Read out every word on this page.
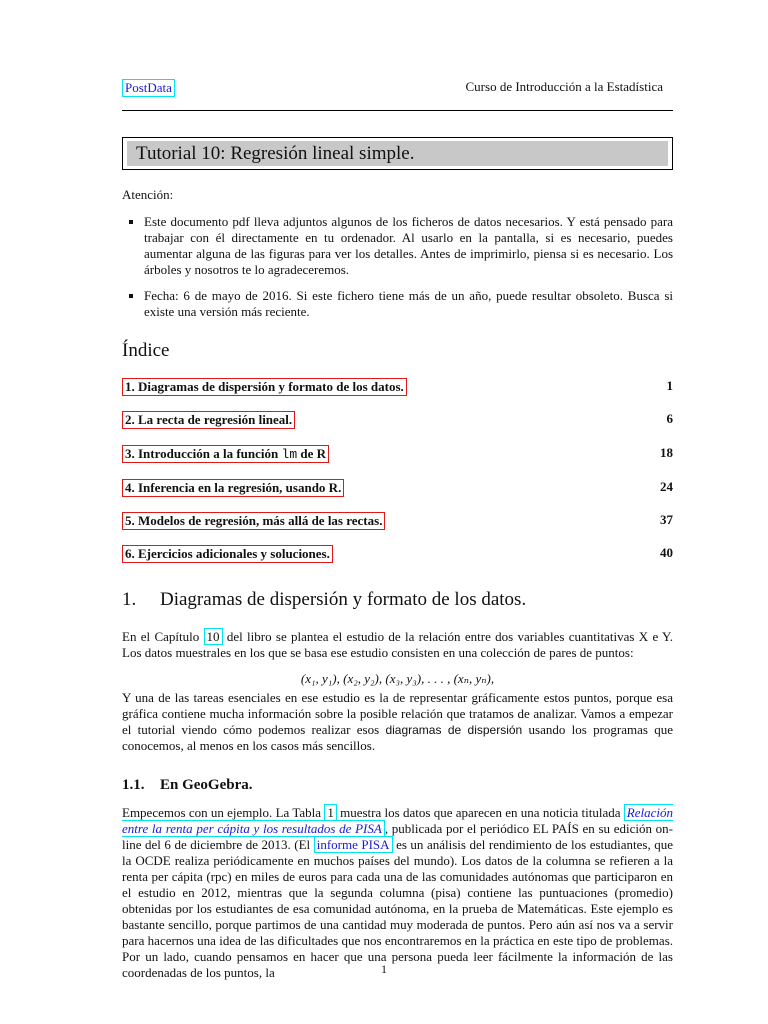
PostData	Curso de Introducción a la Estadística
Tutorial 10: Regresión lineal simple.
Atención:
Este documento pdf lleva adjuntos algunos de los ficheros de datos necesarios. Y está pensado para trabajar con él directamente en tu ordenador. Al usarlo en la pantalla, si es necesario, puedes aumentar alguna de las figuras para ver los detalles. Antes de imprimirlo, piensa si es necesario. Los árboles y nosotros te lo agradeceremos.
Fecha: 6 de mayo de 2016. Si este fichero tiene más de un año, puede resultar obsoleto. Busca si existe una versión más reciente.
Índice
1. Diagramas de dispersión y formato de los datos.	1
2. La recta de regresión lineal.	6
3. Introducción a la función lm de R	18
4. Inferencia en la regresión, usando R.	24
5. Modelos de regresión, más allá de las rectas.	37
6. Ejercicios adicionales y soluciones.	40
1. Diagramas de dispersión y formato de los datos.
En el Capítulo 10 del libro se plantea el estudio de la relación entre dos variables cuantitativas X e Y. Los datos muestrales en los que se basa ese estudio consisten en una colección de pares de puntos:
(x₁, y₁), (x₂, y₂), (x₃, y₃), . . . , (xₙ, yₙ),
Y una de las tareas esenciales en ese estudio es la de representar gráficamente estos puntos, porque esa gráfica contiene mucha información sobre la posible relación que tratamos de analizar. Vamos a empezar el tutorial viendo cómo podemos realizar esos diagramas de dispersión usando los programas que conocemos, al menos en los casos más sencillos.
1.1. En GeoGebra.
Empecemos con un ejemplo. La Tabla 1 muestra los datos que aparecen en una noticia titulada Relación entre la renta per cápita y los resultados de PISA , publicada por el periódico EL PAÍS en su edición on-line del 6 de diciembre de 2013. (El informe PISA es un análisis del rendimiento de los estudiantes, que la OCDE realiza periódicamente en muchos países del mundo). Los datos de la columna se refieren a la renta per cápita (rpc) en miles de euros para cada una de las comunidades autónomas que participaron en el estudio en 2012, mientras que la segunda columna (pisa) contiene las puntuaciones (promedio) obtenidas por los estudiantes de esa comunidad autónoma, en la prueba de Matemáticas. Este ejemplo es bastante sencillo, porque partimos de una cantidad muy moderada de puntos. Pero aún así nos va a servir para hacernos una idea de las dificultades que nos encontraremos en la práctica en este tipo de problemas. Por un lado, cuando pensamos en hacer que una persona pueda leer fácilmente la información de las coordenadas de los puntos, la	1
